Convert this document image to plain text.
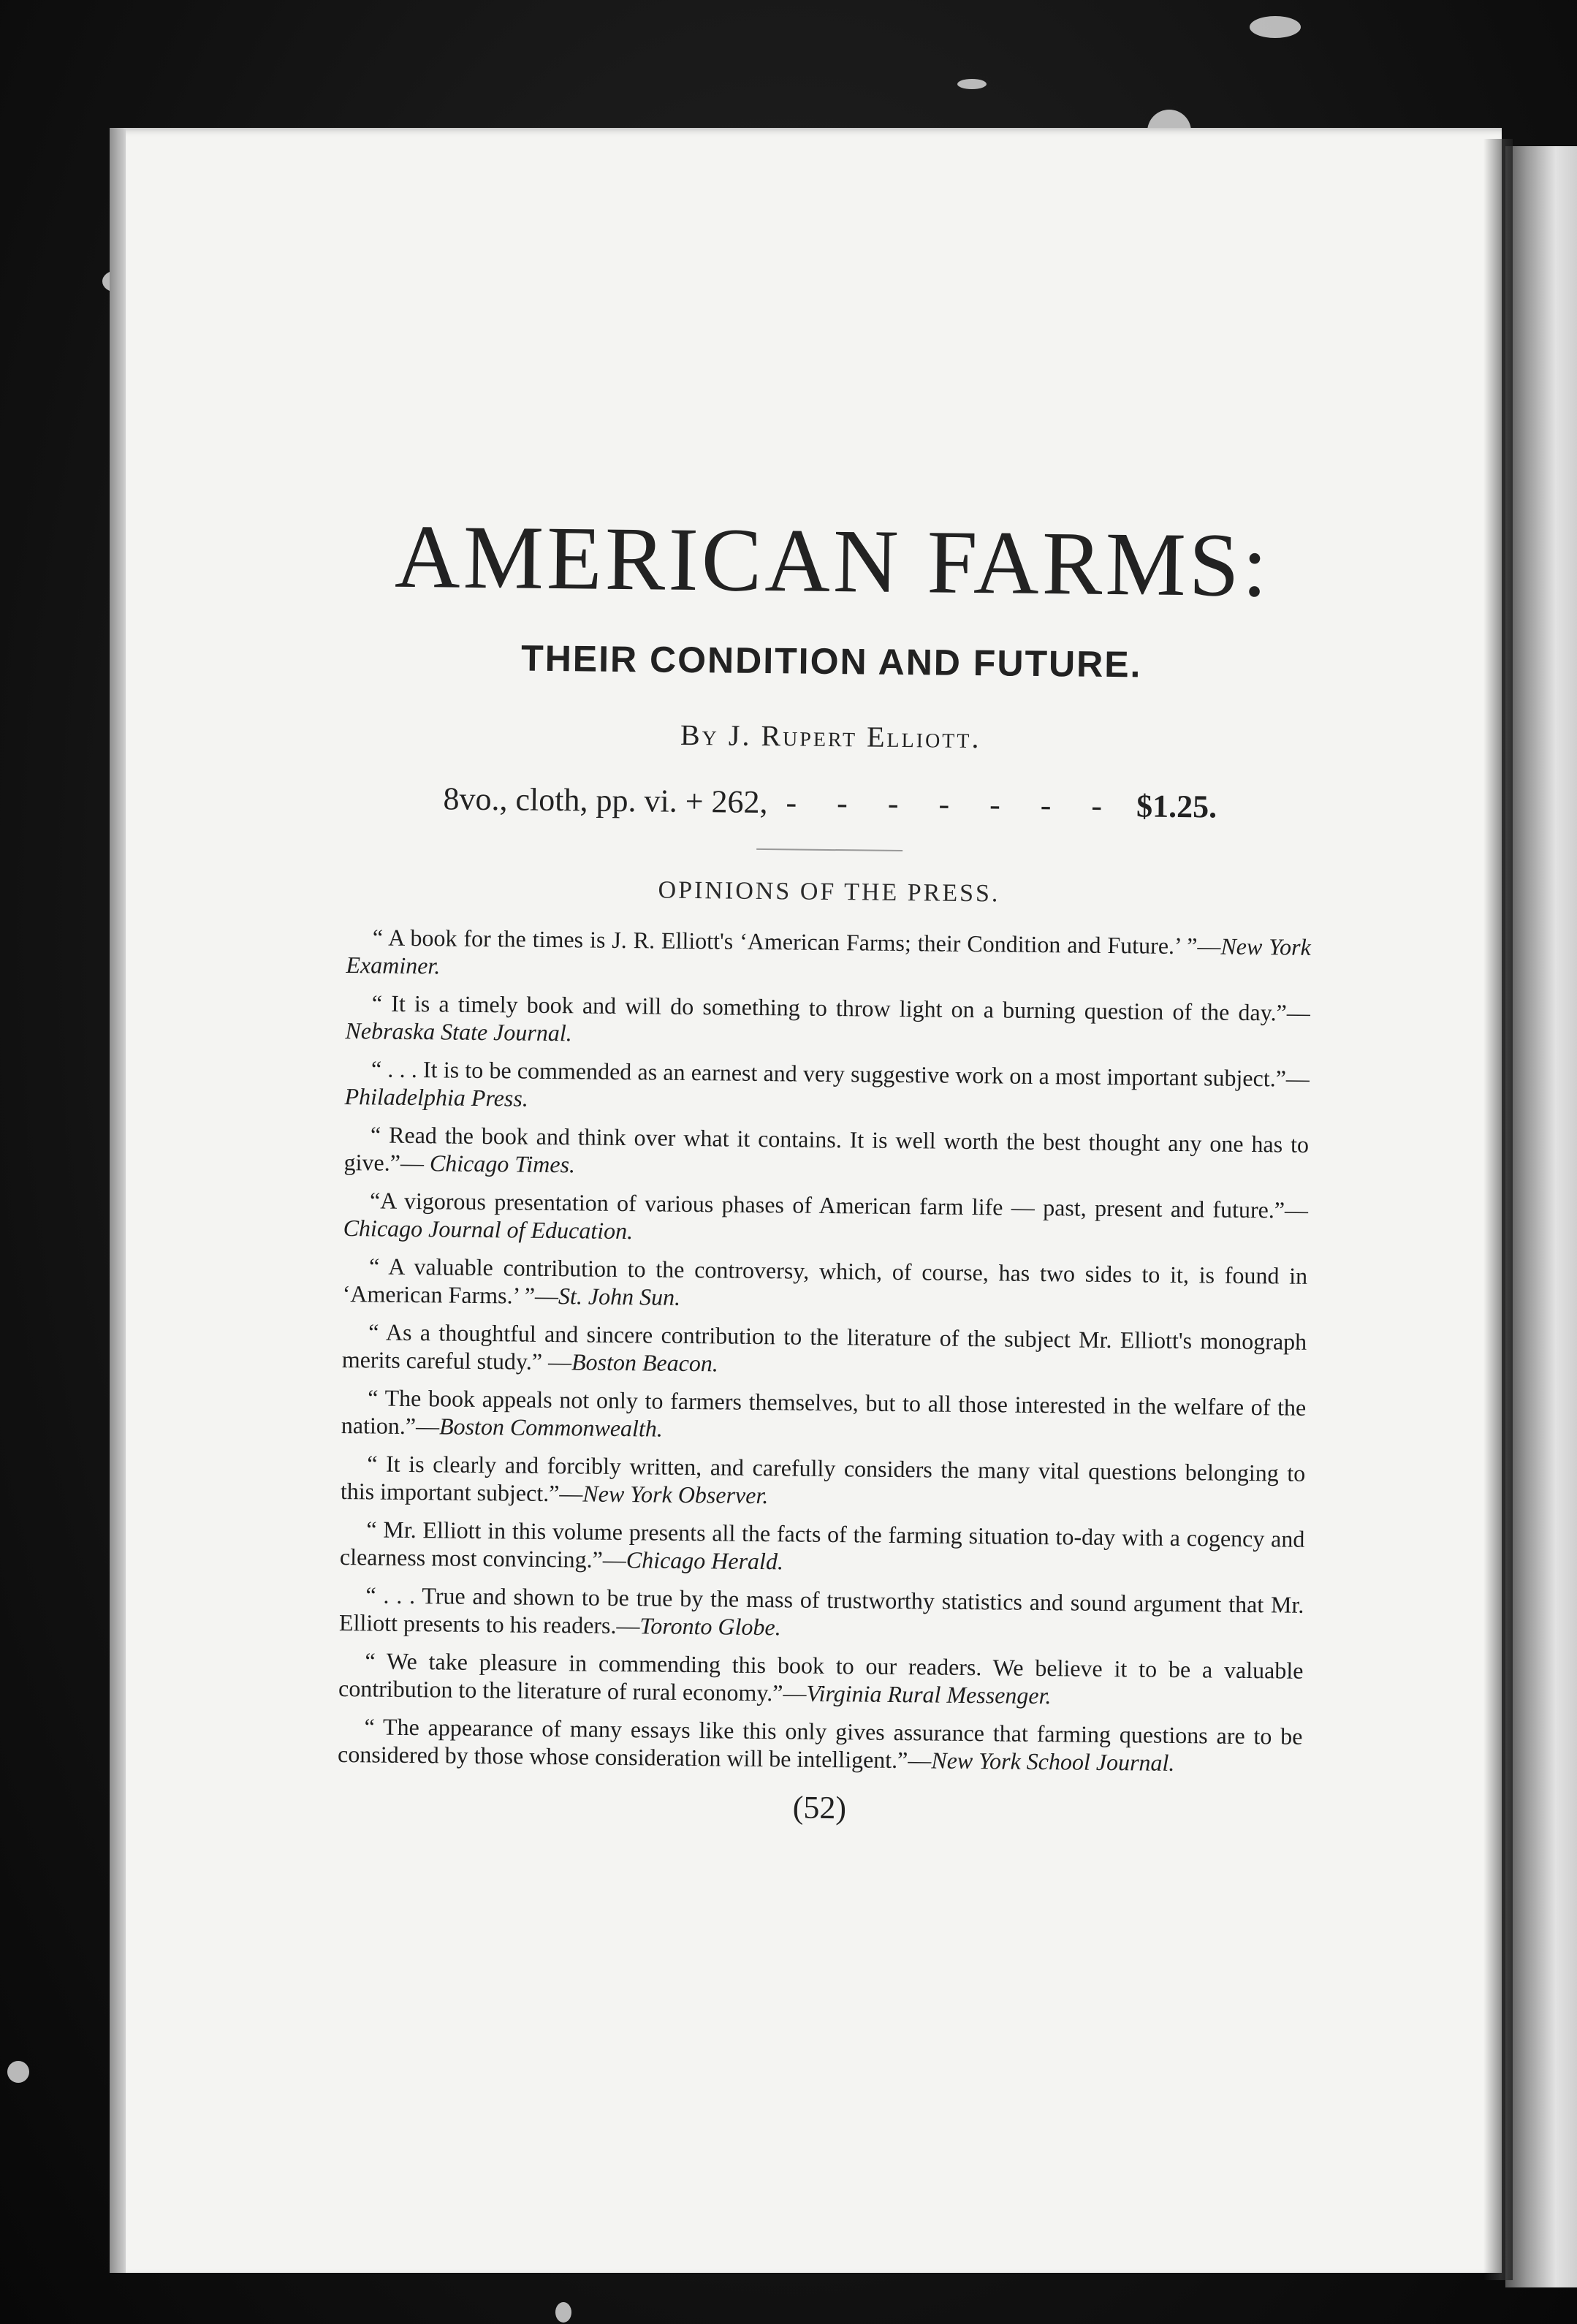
AMERICAN FARMS:
THEIR CONDITION AND FUTURE.
By J. Rupert Elliott.
8vo., cloth, pp. vi. + 262, - - - - - - - $1.25.
OPINIONS OF THE PRESS.

“ A book for the times is J. R. Elliott's ‘American Farms; their Condition and Future.’ ”—New York Examiner.

“ It is a timely book and will do something to throw light on a burning question of the day.”—Nebraska State Journal.

“ . . . It is to be commended as an earnest and very suggestive work on a most important subject.”—Philadelphia Press.

“ Read the book and think over what it contains. It is well worth the best thought any one has to give.”— Chicago Times.

“A vigorous presentation of various phases of American farm life — past, present and future.”—Chicago Journal of Education.

“ A valuable contribution to the controversy, which, of course, has two sides to it, is found in ‘American Farms.’ ”—St. John Sun.

“ As a thoughtful and sincere contribution to the literature of the subject Mr. Elliott's monograph merits careful study.” —Boston Beacon.

“ The book appeals not only to farmers themselves, but to all those interested in the welfare of the nation.”—Boston Commonwealth.

“ It is clearly and forcibly written, and carefully considers the many vital questions belonging to this important subject.”—New York Observer.

“ Mr. Elliott in this volume presents all the facts of the farming situation to-day with a cogency and clearness most convincing.”—Chicago Herald.

“ . . . True and shown to be true by the mass of trustworthy statistics and sound argument that Mr. Elliott presents to his readers.—Toronto Globe.

“ We take pleasure in commending this book to our readers. We believe it to be a valuable contribution to the literature of rural economy.”—Virginia Rural Messenger.

“ The appearance of many essays like this only gives assurance that farming questions are to be considered by those whose consideration will be intelligent.”—New York School Journal.

(52)
